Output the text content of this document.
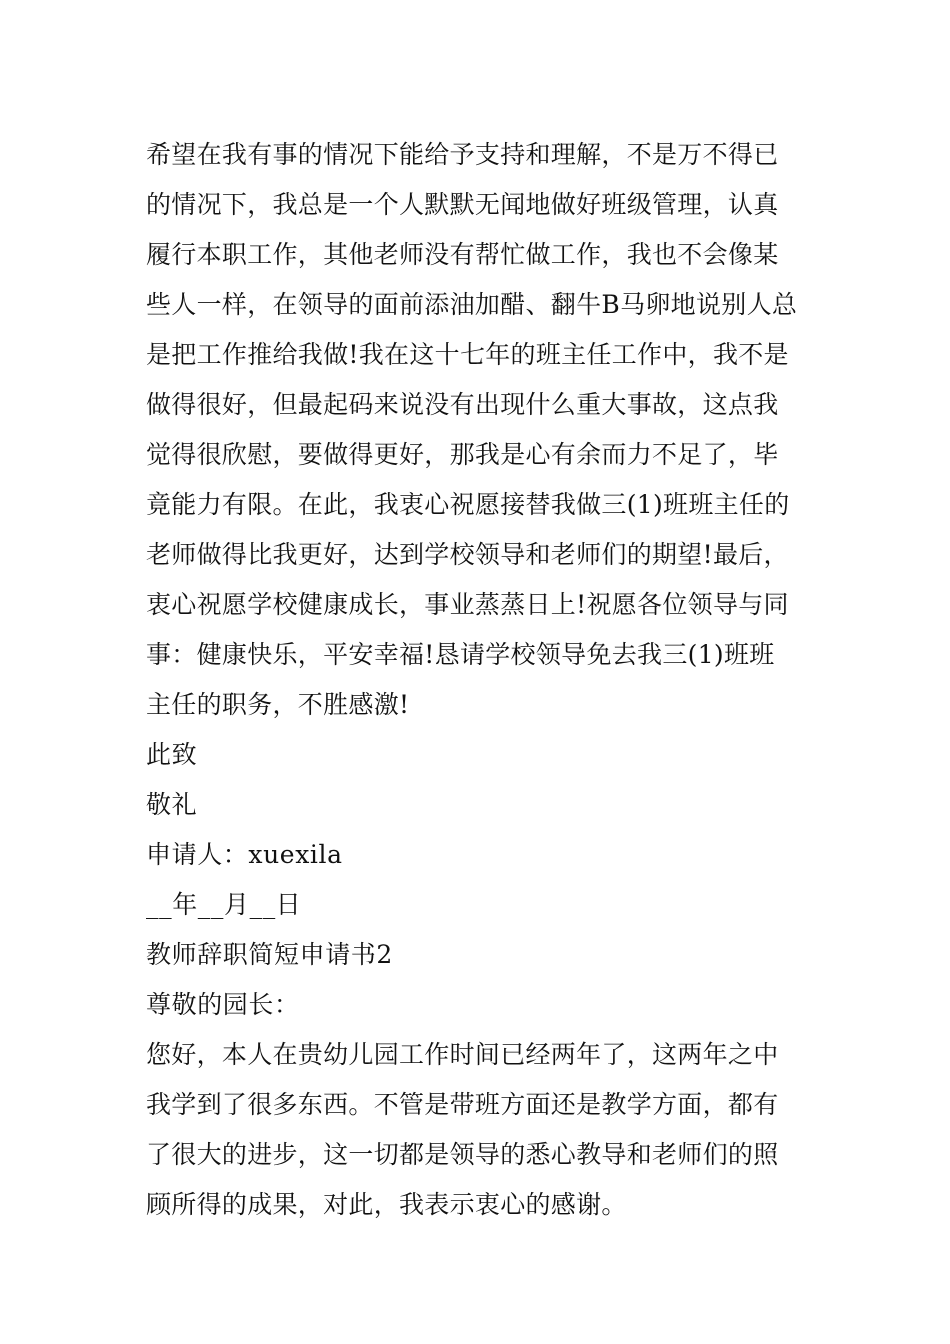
希望在我有事的情况下能给予支持和理解，不是万不得已
的情况下，我总是一个人默默无闻地做好班级管理，认真
履行本职工作，其他老师没有帮忙做工作，我也不会像某
些人一样，在领导的面前添油加醋、翻牛B马卵地说别人总
是把工作推给我做!我在这十七年的班主任工作中，我不是
做得很好，但最起码来说没有出现什么重大事故，这点我
觉得很欣慰，要做得更好，那我是心有余而力不足了，毕
竟能力有限。在此，我衷心祝愿接替我做三(1)班班主任的
老师做得比我更好，达到学校领导和老师们的期望!最后，
衷心祝愿学校健康成长，事业蒸蒸日上!祝愿各位领导与同
事：健康快乐，平安幸福!恳请学校领导免去我三(1)班班
主任的职务，不胜感激!
此致
敬礼
申请人：xuexila
__年__月__日
教师辞职简短申请书2
尊敬的园长：
您好，本人在贵幼儿园工作时间已经两年了，这两年之中
我学到了很多东西。不管是带班方面还是教学方面，都有
了很大的进步，这一切都是领导的悉心教导和老师们的照
顾所得的成果，对此，我表示衷心的感谢。
